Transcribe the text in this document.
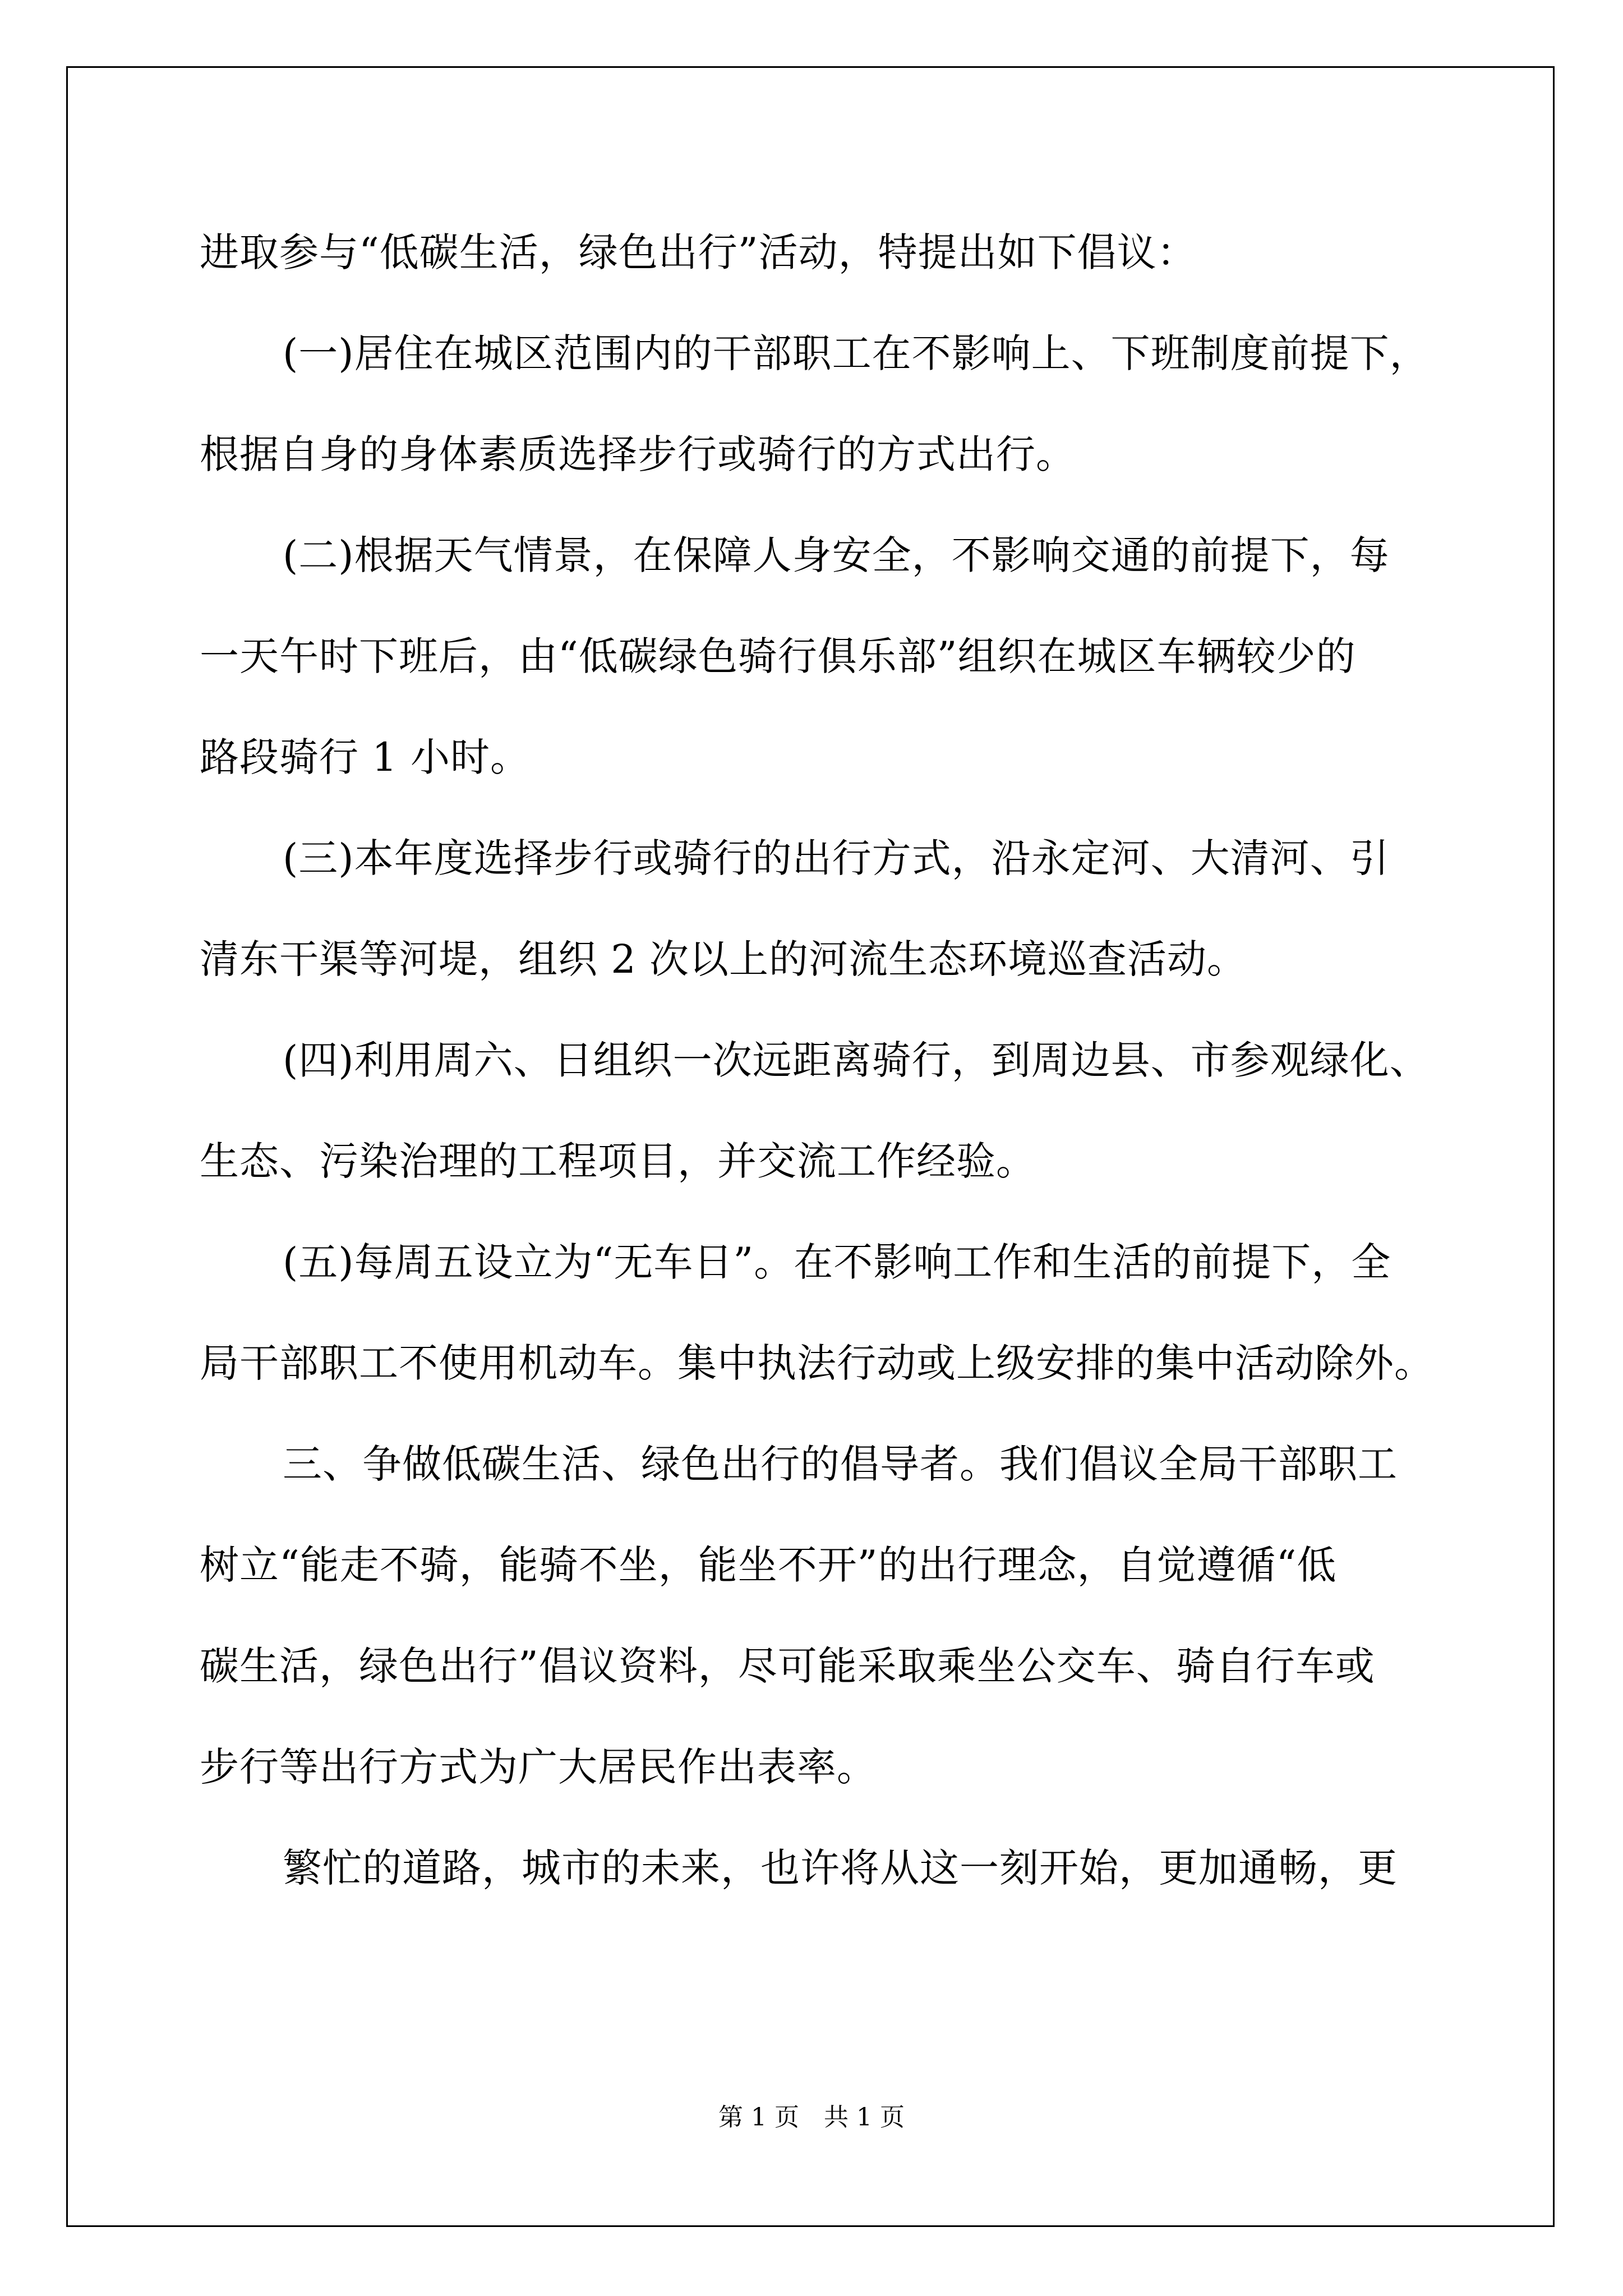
进取参与“低碳生活，绿色出行”活动，特提出如下倡议：
(一)居住在城区范围内的干部职工在不影响上、下班制度前提下，
根据自身的身体素质选择步行或骑行的方式出行。
(二)根据天气情景，在保障人身安全，不影响交通的前提下，每
一天午时下班后，由“低碳绿色骑行俱乐部”组织在城区车辆较少的
路段骑行 1 小时。
(三)本年度选择步行或骑行的出行方式，沿永定河、大清河、引
清东干渠等河堤，组织 2 次以上的河流生态环境巡查活动。
(四)利用周六、日组织一次远距离骑行，到周边县、市参观绿化、
生态、污染治理的工程项目，并交流工作经验。
(五)每周五设立为“无车日”。在不影响工作和生活的前提下，全
局干部职工不使用机动车。集中执法行动或上级安排的集中活动除外。
三、争做低碳生活、绿色出行的倡导者。我们倡议全局干部职工
树立“能走不骑，能骑不坐，能坐不开”的出行理念，自觉遵循“低
碳生活，绿色出行”倡议资料，尽可能采取乘坐公交车、骑自行车或
步行等出行方式为广大居民作出表率。
繁忙的道路，城市的未来，也许将从这一刻开始，更加通畅，更
第 1 页　共 1 页
